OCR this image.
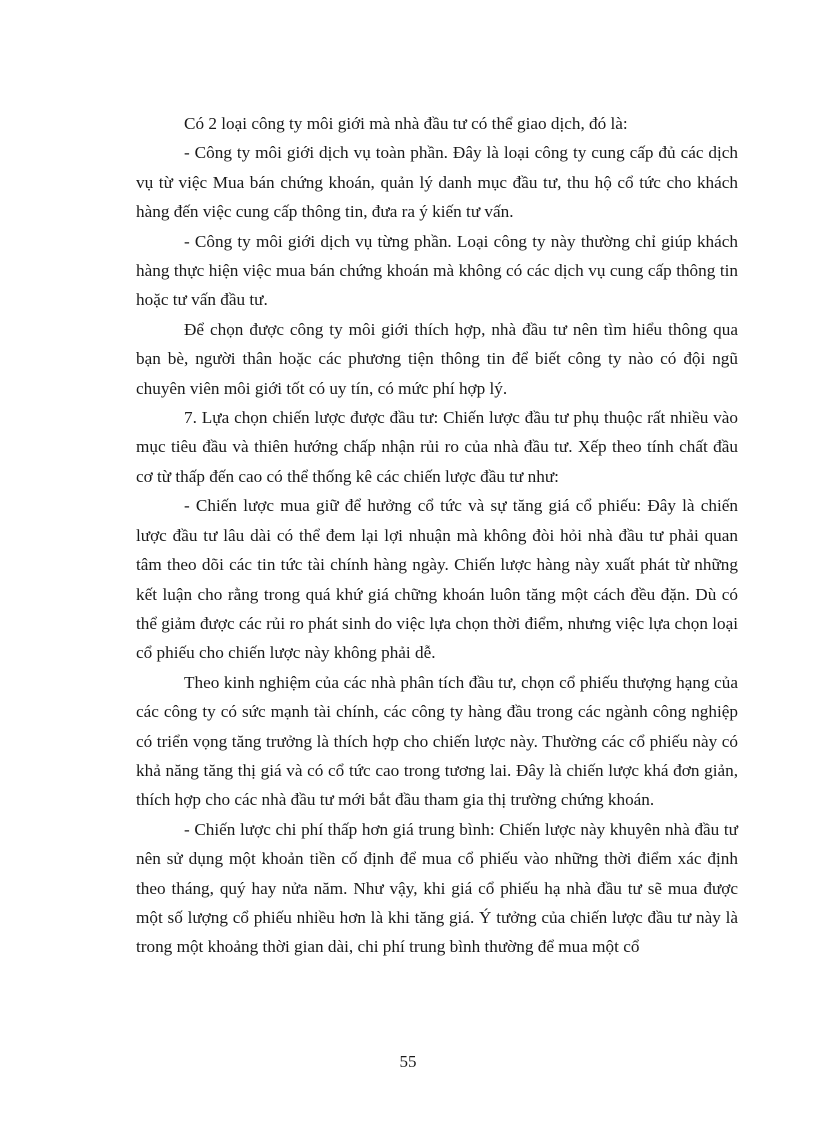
Có 2 loại công ty môi giới mà nhà đầu tư có thể giao dịch, đó là:

- Công ty môi giới dịch vụ toàn phần. Đây là loại công ty cung cấp đủ các dịch vụ từ việc Mua bán chứng khoán, quản lý danh mục đầu tư, thu hộ cổ tức cho khách hàng đến việc cung cấp thông tin, đưa ra ý kiến tư vấn.

- Công ty môi giới dịch vụ từng phần. Loại công ty này thường chỉ giúp khách hàng thực hiện việc mua bán chứng khoán mà không có các dịch vụ cung cấp thông tin hoặc tư vấn đầu tư.

Để chọn được công ty môi giới thích hợp, nhà đầu tư nên tìm hiểu thông qua bạn bè, người thân hoặc các phương tiện thông tin để biết công ty nào có đội ngũ chuyên viên môi giới tốt có uy tín, có mức phí hợp lý.

7. Lựa chọn chiến lược được đầu tư: Chiến lược đầu tư phụ thuộc rất nhiều vào mục tiêu đầu và thiên hướng chấp nhận rủi ro của nhà đầu tư. Xếp theo tính chất đầu cơ từ thấp đến cao có thể thống kê các chiến lược đầu tư như:

- Chiến lược mua giữ để hưởng cổ tức và sự tăng giá cổ phiếu: Đây là chiến lược đầu tư lâu dài có thể đem lại lợi nhuận mà không đòi hỏi nhà đầu tư phải quan tâm theo dõi các tin tức tài chính hàng ngày. Chiến lược hàng này xuất phát từ những kết luận cho rằng trong quá khứ giá chững khoán luôn tăng một cách đều đặn. Dù có thể giảm được các rủi ro phát sinh do việc lựa chọn thời điểm, nhưng việc lựa chọn loại cổ phiếu cho chiến lược này không phải dễ.

Theo kinh nghiệm của các nhà phân tích đầu tư, chọn cổ phiếu thượng hạng của các công ty có sức mạnh tài chính, các công ty hàng đầu trong các ngành công nghiệp có triển vọng tăng trưởng là thích hợp cho chiến lược này. Thường các cổ phiếu này có khả năng tăng thị giá và có cổ tức cao trong tương lai. Đây là chiến lược khá đơn giản, thích hợp cho các nhà đầu tư mới bắt đầu tham gia thị trường chứng khoán.

- Chiến lược chi phí thấp hơn giá trung bình: Chiến lược này khuyên nhà đầu tư nên sử dụng một khoản tiền cố định để mua cổ phiếu vào những thời điểm xác định theo tháng, quý hay nửa năm. Như vậy, khi giá cổ phiếu hạ nhà đầu tư sẽ mua được một số lượng cổ phiếu nhiều hơn là khi tăng giá. Ý tưởng của chiến lược đầu tư này là trong một khoảng thời gian dài, chi phí trung bình thường để mua một cổ

55
